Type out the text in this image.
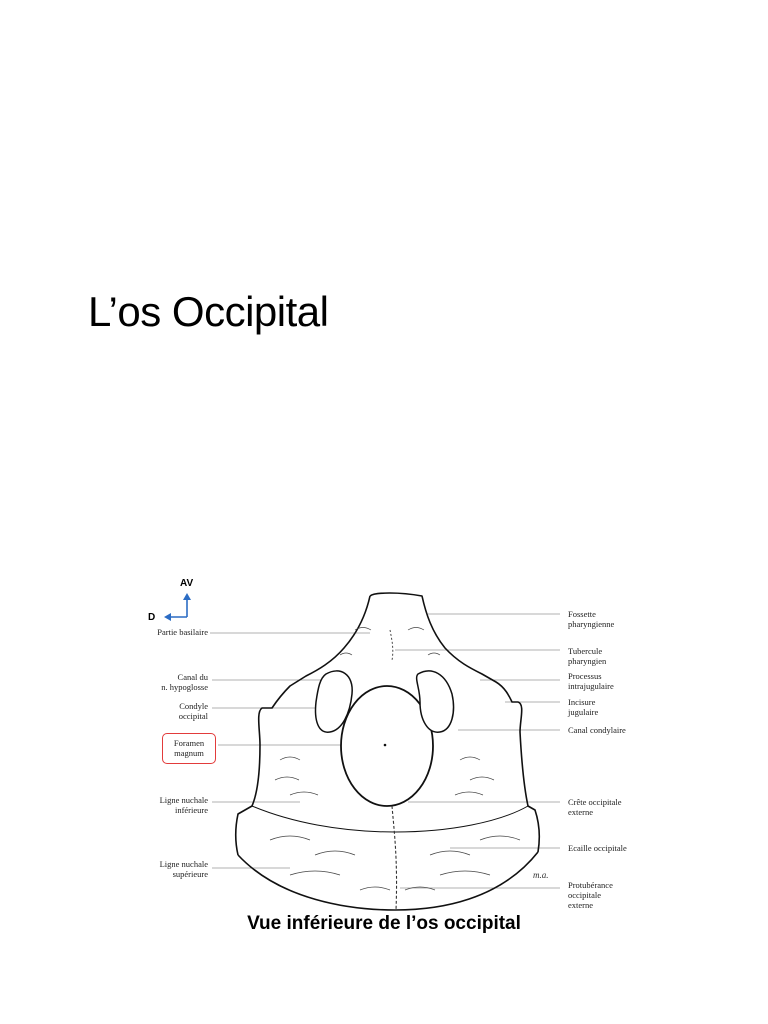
L’os Occipital
m.a.
AV
D
Partie basilaire
Canal du
n. hypoglosse
Condyle
occipital
Foramen
magnum
Ligne nuchale
inférieure
Ligne nuchale
supérieure
Fossette
pharyngienne
Tubercule
pharyngien
Processus
intrajugulaire
Incisure
jugulaire
Canal condylaire
Crête occipitale
externe
Ecaille occipitale
Protubérance
occipitale
externe
Vue inférieure de l’os occipital
